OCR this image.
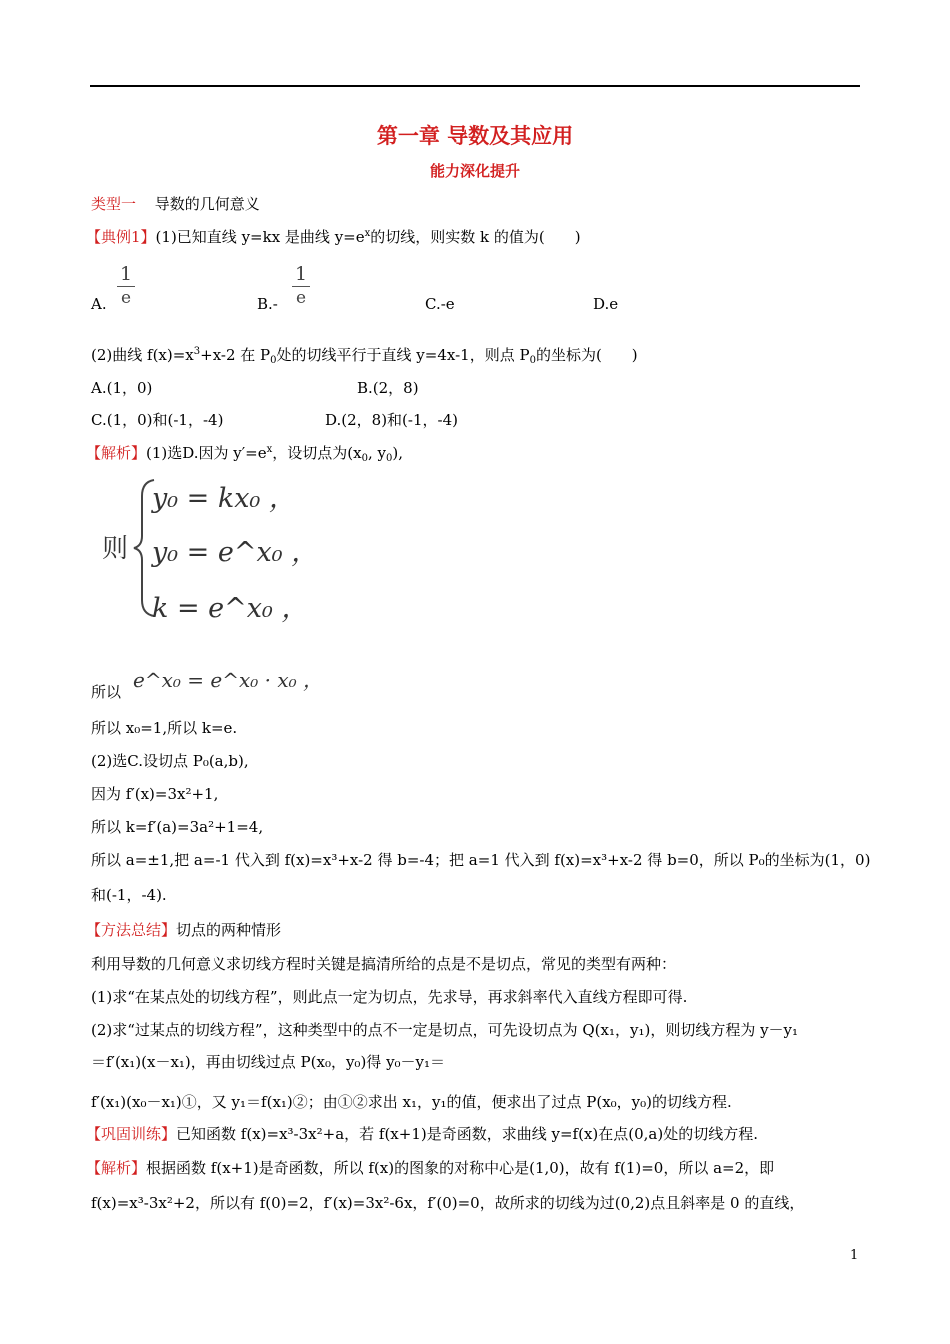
第一章 导数及其应用
能力深化提升
类型一 导数的几何意义
【典例1】(1)已知直线 y=kx 是曲线 $y=e^x$的切线，则实数 k 的值为(　　)
$\frac{1}{e}$
A.	$B.- \frac{1}{e}$	C.-e	D.e
(2)曲线 $f(x)=x^3+x-2$ 在 $P_0$处的切线平行于直线 y=4x-1，则点 $P_0$的坐标为(　　)
A.(1，0)	B.(2，8)
C.(1，0)和(-1，-4)	D.(2，8)和(-1，-4)
【解析】(1)选D.因为 $y'=e^x$，设切点为($x_0$, $y_0$),
则
y₀ = kx₀ ，
y₀ = e^x₀ ，
k = e^x₀ ，
所以 e^x₀ = e^x₀ · x₀ ，
所以 x₀=1,所以 k=e.
(2)选C.设切点 P₀(a,b),
因为 f′(x)=3x²+1,
所以 k=f′(a)=3a²+1=4,
所以 a=±1,把 a=-1 代入到 f(x)=x³+x-2 得 b=-4；把 a=1 代入到 f(x)=x³+x-2 得 b=0，所以 P₀的坐标为(1，0)
和(-1，-4).
【方法总结】切点的两种情形
利用导数的几何意义求切线方程时关键是搞清所给的点是不是切点，常见的类型有两种：
(1)求“在某点处的切线方程”，则此点一定为切点，先求导，再求斜率代入直线方程即可得.
(2)求“过某点的切线方程”，这种类型中的点不一定是切点，可先设切点为 Q(x₁，y₁)，则切线方程为 y－y₁
＝f′(x₁)(x－x₁)，再由切线过点 P(x₀，y₀)得 y₀－y₁＝
f′(x₁)(x₀－x₁)①，又 y₁＝f(x₁)②；由①②求出 x₁，y₁的值，便求出了过点 P(x₀，y₀)的切线方程.
【巩固训练】已知函数 f(x)=x³-3x²+a，若 f(x+1)是奇函数，求曲线 y=f(x)在点(0,a)处的切线方程.
【解析】根据函数 f(x+1)是奇函数，所以 f(x)的图象的对称中心是(1,0)，故有 f(1)=0，所以 a=2，即
f(x)=x³-3x²+2，所以有 f(0)=2，f′(x)=3x²-6x，f′(0)=0，故所求的切线为过(0,2)点且斜率是 0 的直线，
1
